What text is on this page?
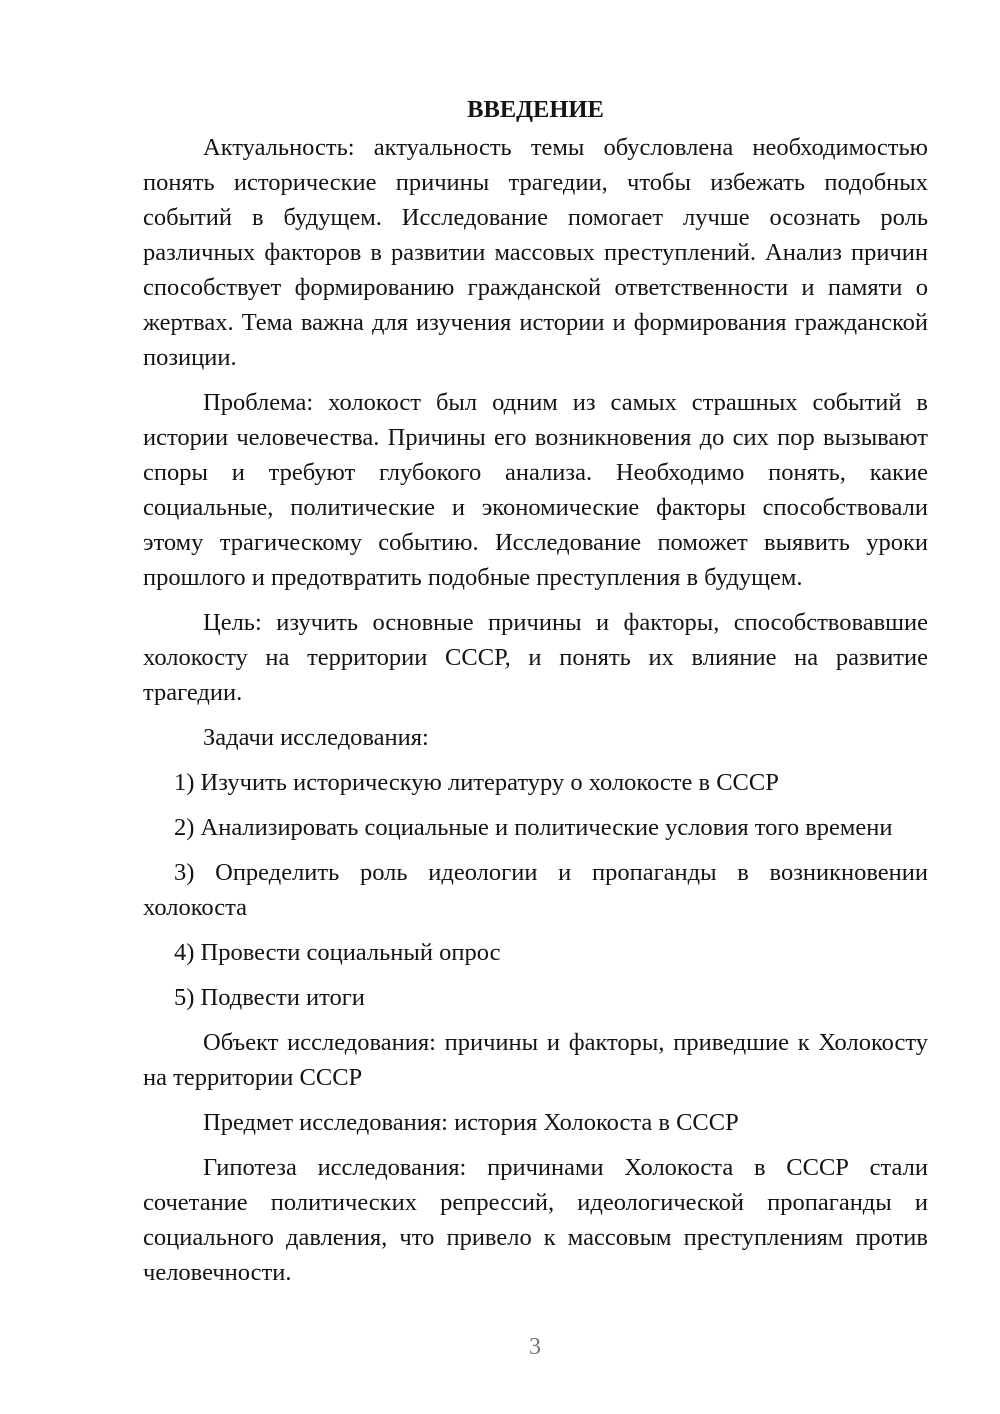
ВВЕДЕНИЕ

Актуальность: актуальность темы обусловлена необходимостью понять исторические причины трагедии, чтобы избежать подобных событий в будущем. Исследование помогает лучше осознать роль различных факторов в развитии массовых преступлений. Анализ причин способствует формированию гражданской ответственности и памяти о жертвах. Тема важна для изучения истории и формирования гражданской позиции.

Проблема: холокост был одним из самых страшных событий в истории человечества. Причины его возникновения до сих пор вызывают споры и требуют глубокого анализа. Необходимо понять, какие социальные, политические и экономические факторы способствовали этому трагическому событию. Исследование поможет выявить уроки прошлого и предотвратить подобные преступления в будущем.

Цель: изучить основные причины и факторы, способствовавшие холокосту на территории СССР, и понять их влияние на развитие трагедии.

Задачи исследования:

1) Изучить историческую литературу о холокосте в СССР

2) Анализировать социальные и политические условия того времени

3) Определить роль идеологии и пропаганды в возникновении холокоста

4) Провести социальный опрос

5) Подвести итоги

Объект исследования: причины и факторы, приведшие к Холокосту на территории СССР

Предмет исследования: история Холокоста в СССР

Гипотеза исследования: причинами Холокоста в СССР стали сочетание политических репрессий, идеологической пропаганды и социального давления, что привело к массовым преступлениям против человечности.

3
